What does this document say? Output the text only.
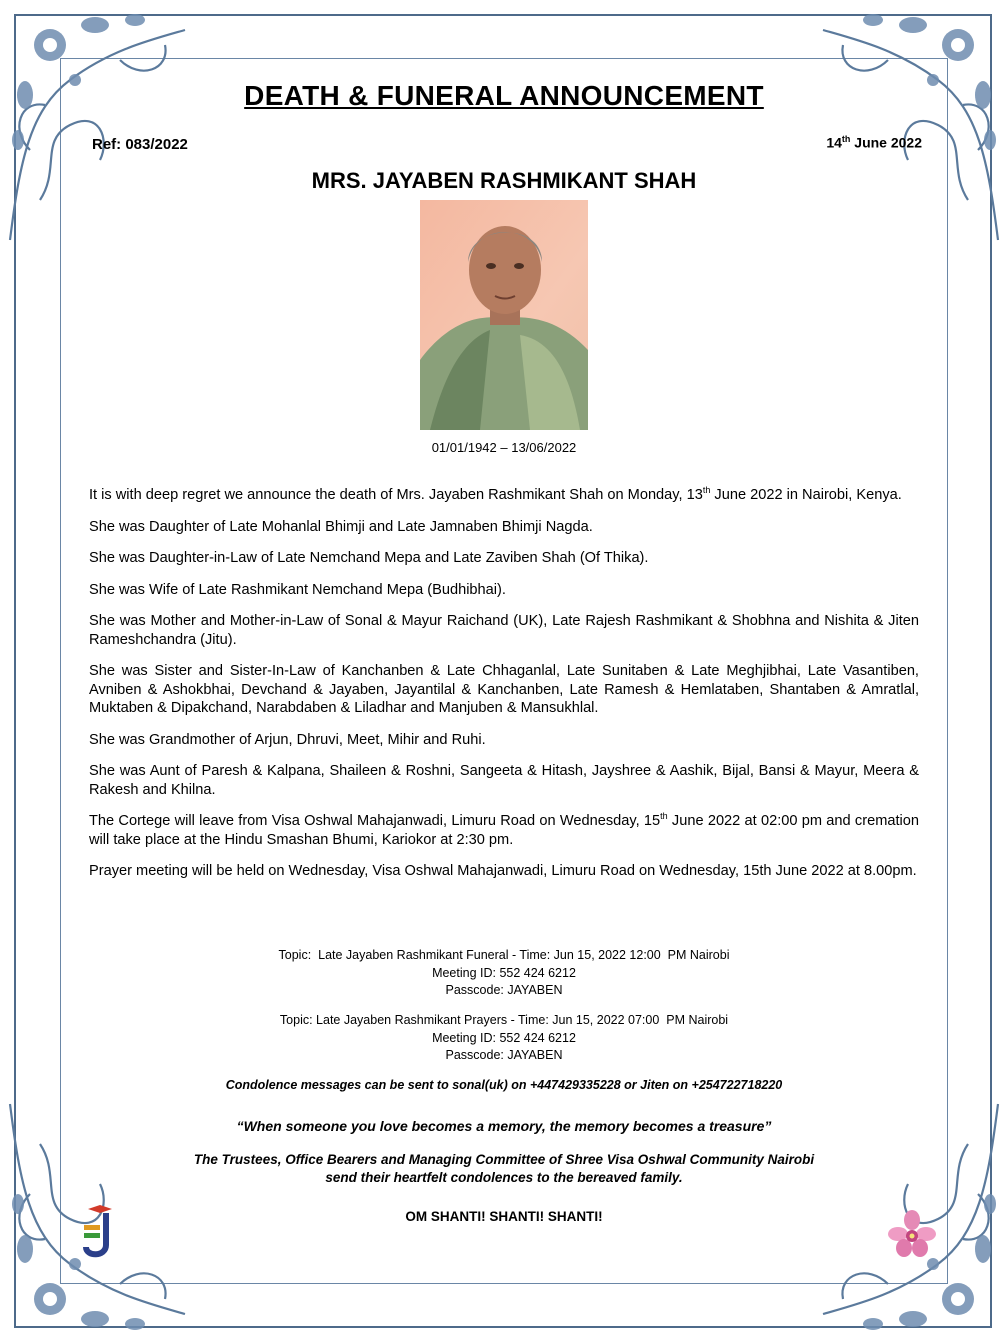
DEATH & FUNERAL ANNOUNCEMENT
Ref: 083/2022	14th June 2022
MRS. JAYABEN RASHMIKANT SHAH
01/01/1942 – 13/06/2022

It is with deep regret we announce the death of Mrs. Jayaben Rashmikant Shah on Monday, 13th June 2022 in Nairobi, Kenya.

She was Daughter of Late Mohanlal Bhimji and Late Jamnaben Bhimji Nagda.

She was Daughter-in-Law of Late Nemchand Mepa and Late Zaviben Shah (Of Thika).

She was Wife of Late Rashmikant Nemchand Mepa (Budhibhai).

She was Mother and Mother-in-Law of Sonal & Mayur Raichand (UK), Late Rajesh Rashmikant & Shobhna and Nishita & Jiten Rameshchandra (Jitu).

She was Sister and Sister-In-Law of Kanchanben & Late Chhaganlal, Late Sunitaben & Late Meghjibhai, Late Vasantiben, Avniben & Ashokbhai, Devchand & Jayaben, Jayantilal & Kanchanben, Late Ramesh & Hemlataben, Shantaben & Amratlal, Muktaben & Dipakchand, Narabdaben & Liladhar and Manjuben & Mansukhlal.

She was Grandmother of Arjun, Dhruvi, Meet, Mihir and Ruhi.

She was Aunt of Paresh & Kalpana, Shaileen & Roshni, Sangeeta & Hitash, Jayshree & Aashik, Bijal, Bansi & Mayur, Meera & Rakesh and Khilna.

The Cortege will leave from Visa Oshwal Mahajanwadi, Limuru Road on Wednesday, 15th June 2022 at 02:00 pm and cremation will take place at the Hindu Smashan Bhumi, Kariokor at 2:30 pm.

Prayer meeting will be held on Wednesday, Visa Oshwal Mahajanwadi, Limuru Road on Wednesday, 15th June 2022 at 8.00pm.

Topic:  Late Jayaben Rashmikant Funeral - Time: Jun 15, 2022 12:00  PM Nairobi
Meeting ID: 552 424 6212
Passcode: JAYABEN
Topic: Late Jayaben Rashmikant Prayers - Time: Jun 15, 2022 07:00  PM Nairobi
Meeting ID: 552 424 6212
Passcode: JAYABEN
Condolence messages can be sent to sonal(uk) on +447429335228 or Jiten on +254722718220
“When someone you love becomes a memory, the memory becomes a treasure”
The Trustees, Office Bearers and Managing Committee of Shree Visa Oshwal Community Nairobi
send their heartfelt condolences to the bereaved family.
OM SHANTI! SHANTI! SHANTI!
